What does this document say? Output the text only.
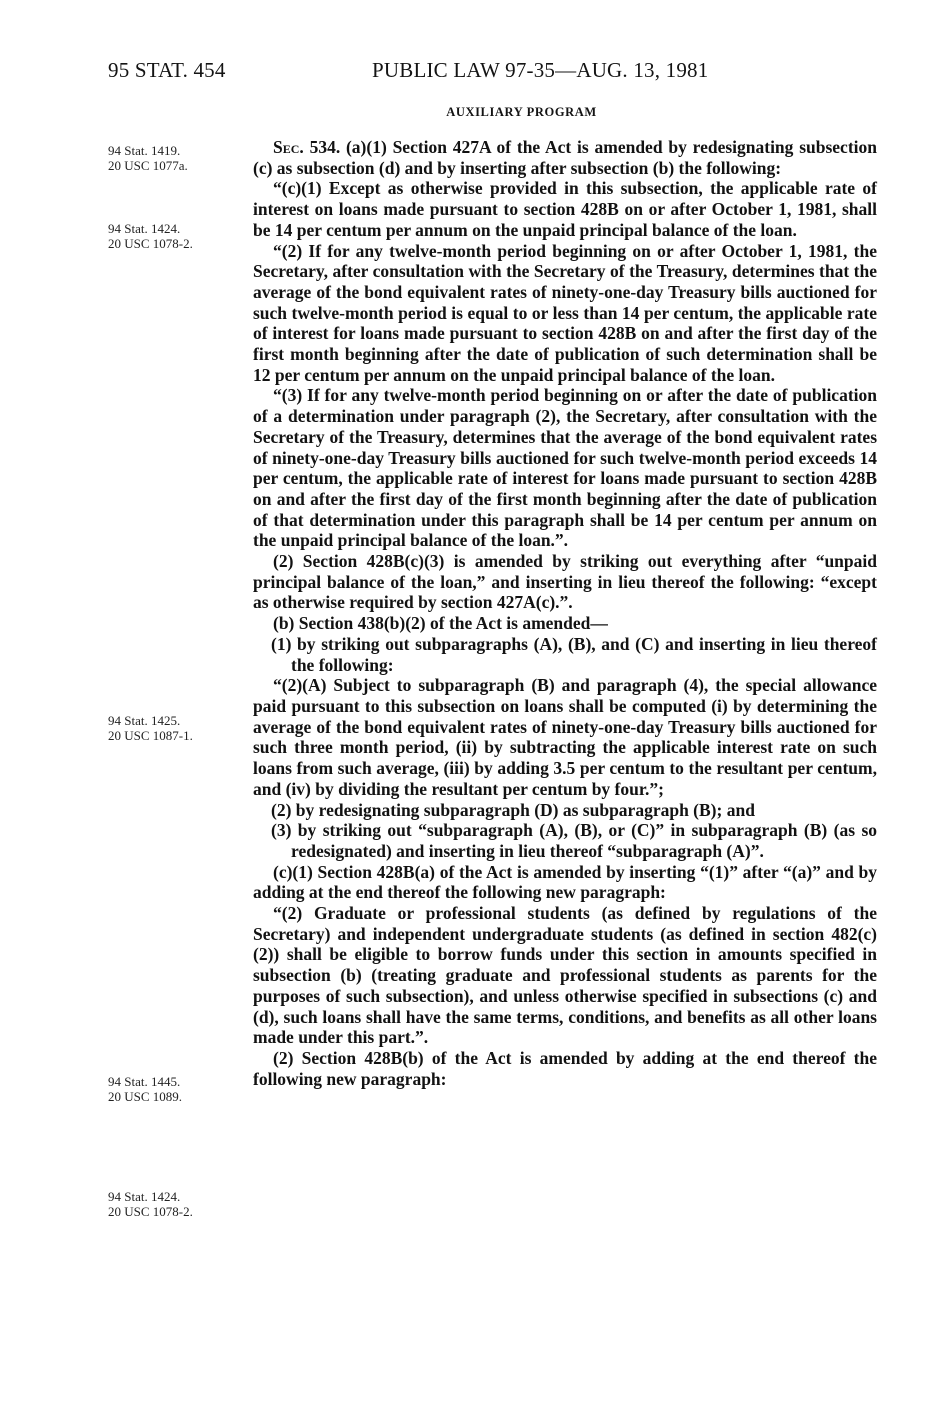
95 STAT. 454	PUBLIC LAW 97-35—AUG. 13, 1981
AUXILIARY PROGRAM
94 Stat. 1419.
20 USC 1077a.
94 Stat. 1424.
20 USC 1078-2.
94 Stat. 1425.
20 USC 1087-1.
94 Stat. 1445.
20 USC 1089.
94 Stat. 1424.
20 USC 1078-2.

Sec. 534. (a)(1) Section 427A of the Act is amended by redesignating subsection (c) as subsection (d) and by inserting after subsection (b) the following:

“(c)(1) Except as otherwise provided in this subsection, the applicable rate of interest on loans made pursuant to section 428B on or after October 1, 1981, shall be 14 per centum per annum on the unpaid principal balance of the loan.

“(2) If for any twelve-month period beginning on or after October 1, 1981, the Secretary, after consultation with the Secretary of the Treasury, determines that the average of the bond equivalent rates of ninety-one-day Treasury bills auctioned for such twelve-month period is equal to or less than 14 per centum, the applicable rate of interest for loans made pursuant to section 428B on and after the first day of the first month beginning after the date of publication of such determination shall be 12 per centum per annum on the unpaid principal balance of the loan.

“(3) If for any twelve-month period beginning on or after the date of publication of a determination under paragraph (2), the Secretary, after consultation with the Secretary of the Treasury, determines that the average of the bond equivalent rates of ninety-one-day Treasury bills auctioned for such twelve-month period exceeds 14 per centum, the applicable rate of interest for loans made pursuant to section 428B on and after the first day of the first month beginning after the date of publication of that determination under this paragraph shall be 14 per centum per annum on the unpaid principal balance of the loan.”.

(2) Section 428B(c)(3) is amended by striking out everything after “unpaid principal balance of the loan,” and inserting in lieu thereof the following: “except as otherwise required by section 427A(c).”.

(b) Section 438(b)(2) of the Act is amended—

(1) by striking out subparagraphs (A), (B), and (C) and inserting in lieu thereof the following:

“(2)(A) Subject to subparagraph (B) and paragraph (4), the special allowance paid pursuant to this subsection on loans shall be computed (i) by determining the average of the bond equivalent rates of ninety-one-day Treasury bills auctioned for such three month period, (ii) by subtracting the applicable interest rate on such loans from such average, (iii) by adding 3.5 per centum to the resultant per centum, and (iv) by dividing the resultant per centum by four.”;

(2) by redesignating subparagraph (D) as subparagraph (B); and

(3) by striking out “subparagraph (A), (B), or (C)” in subparagraph (B) (as so redesignated) and inserting in lieu thereof “subparagraph (A)”.

(c)(1) Section 428B(a) of the Act is amended by inserting “(1)” after “(a)” and by adding at the end thereof the following new paragraph:

“(2) Graduate or professional students (as defined by regulations of the Secretary) and independent undergraduate students (as defined in section 482(c)(2)) shall be eligible to borrow funds under this section in amounts specified in subsection (b) (treating graduate and professional students as parents for the purposes of such subsection), and unless otherwise specified in subsections (c) and (d), such loans shall have the same terms, conditions, and benefits as all other loans made under this part.”.

(2) Section 428B(b) of the Act is amended by adding at the end thereof the following new paragraph:
